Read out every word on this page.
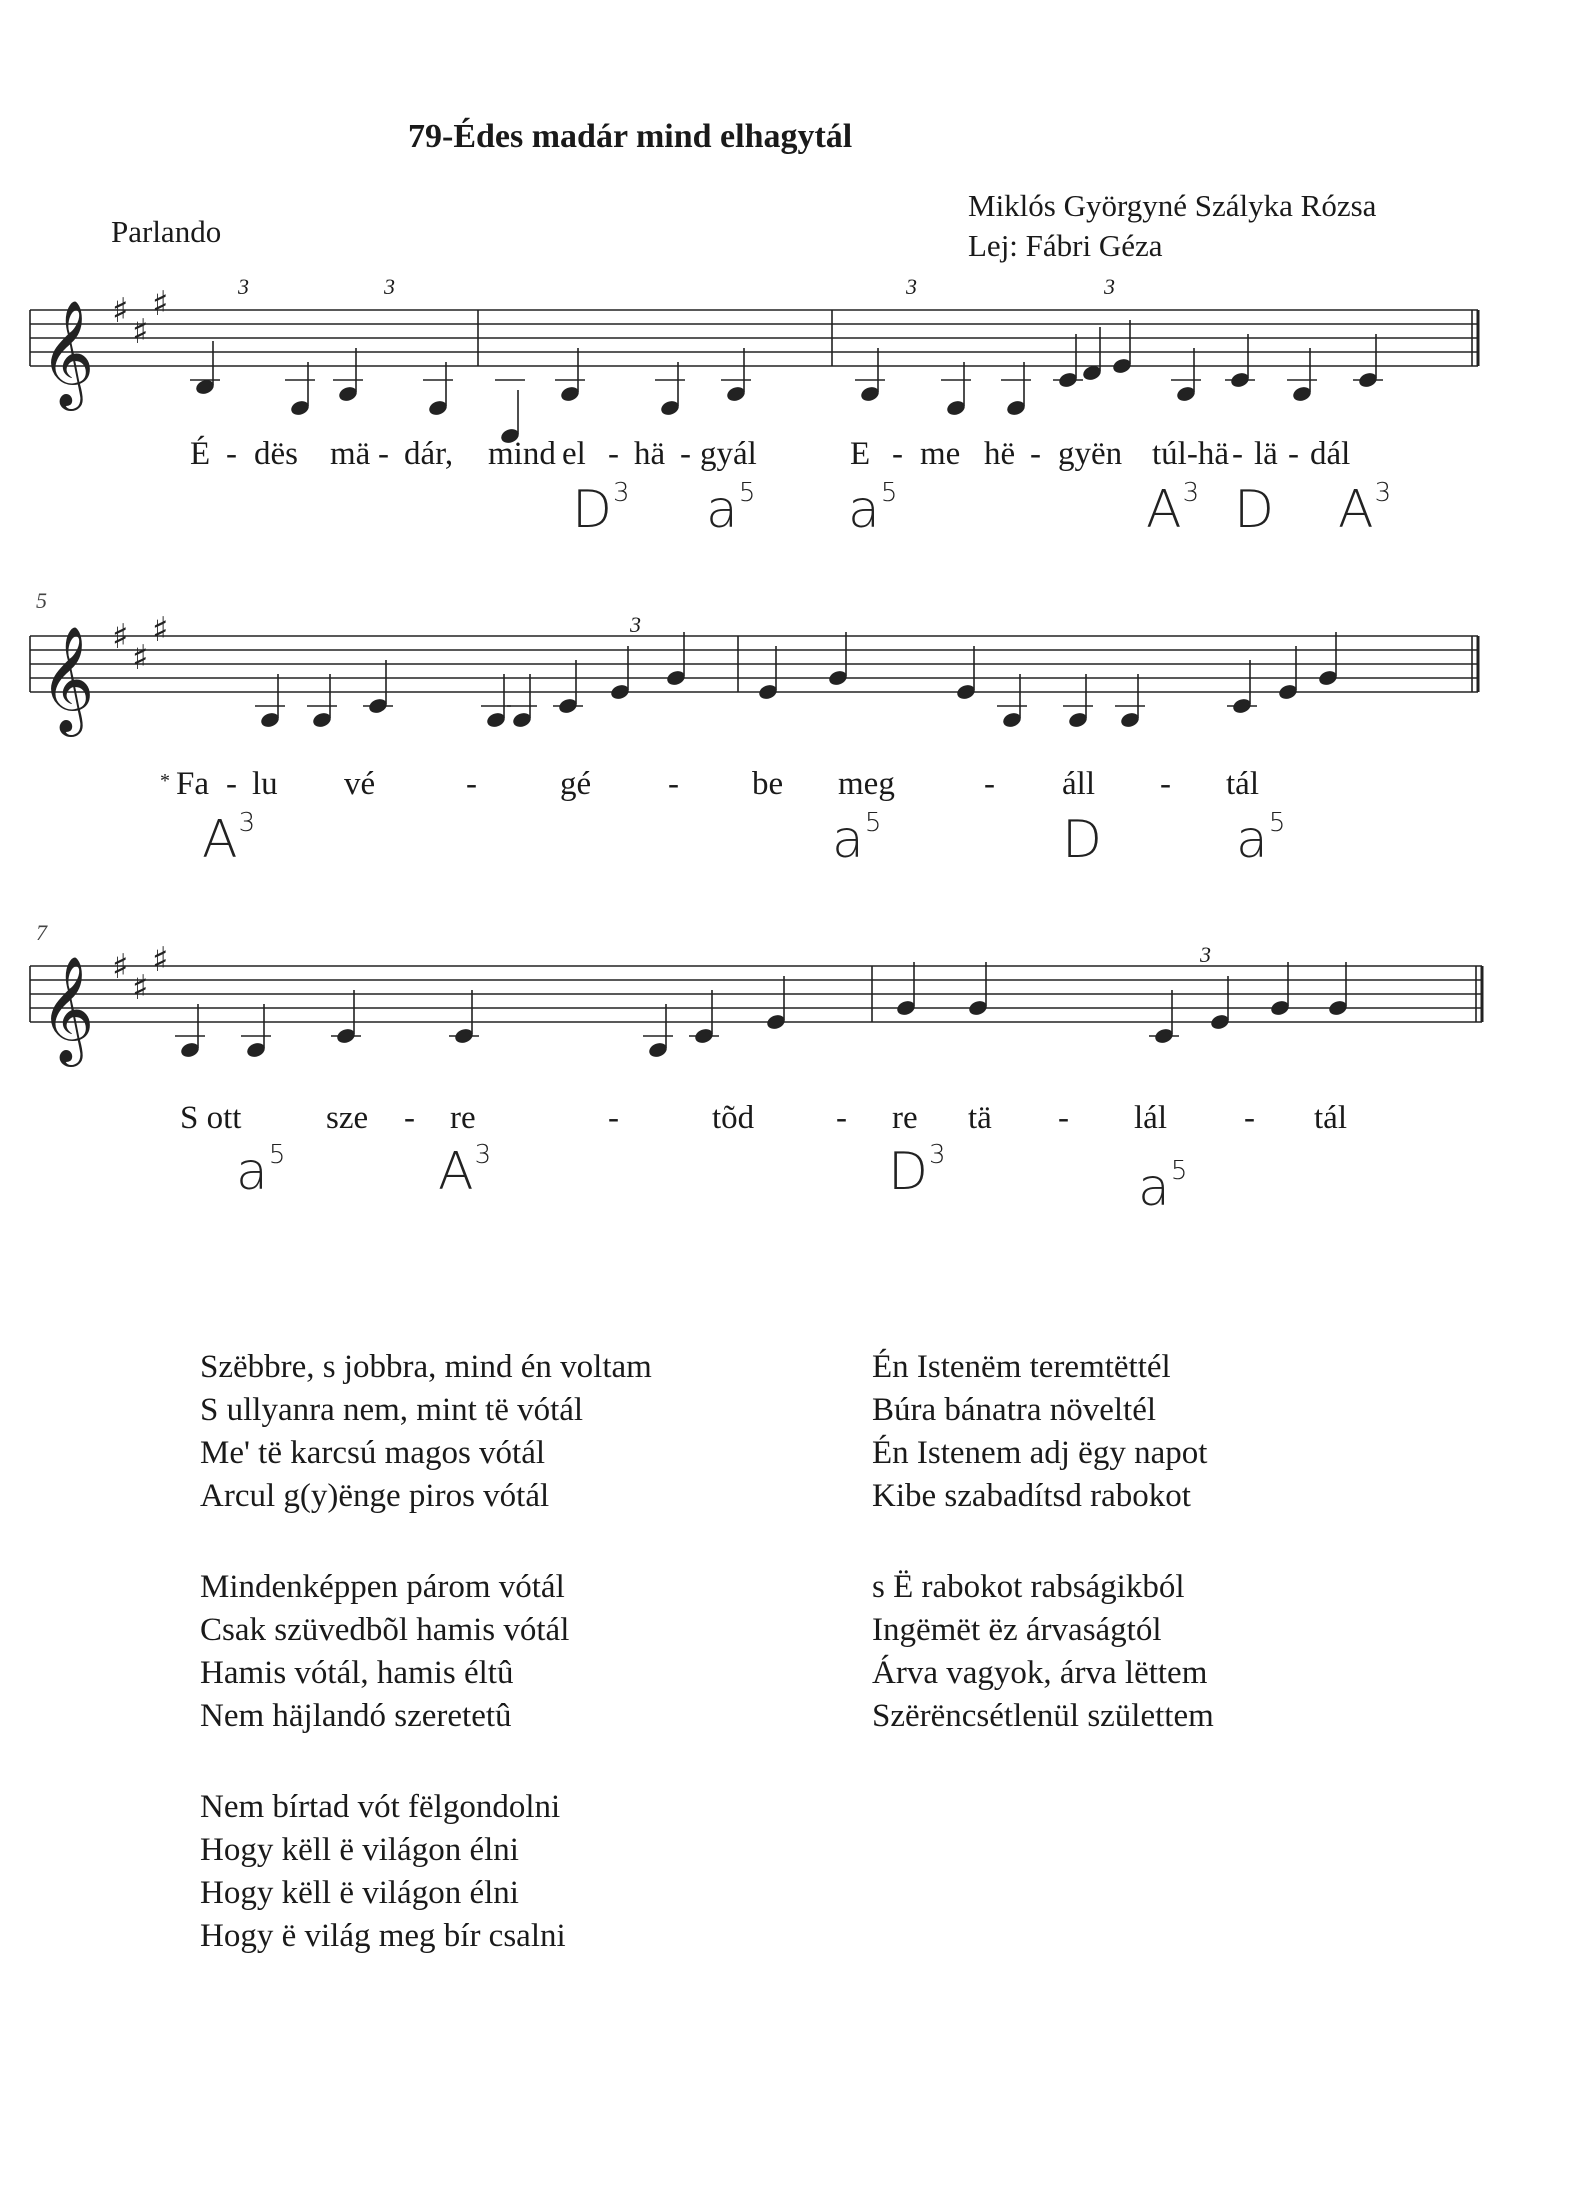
79-Édes madár mind elhagytál
Parlando
Miklós Györgyné Szályka Rózsa
Lej: Fábri Géza
𝄞 ♯
♯
♯
𝄞 ♯
♯
♯
𝄞 ♯
♯
♯
3	3	3	3
É - dës mä - dár, mind el - hä - gyál	E - me hë - gyën túl-hä - lä - dál
$D^3$ $a^5$ $a^5$	$A^3$ D $A^3$
5
3
* Fa - lu vé	-	gé - be meg	- áll - tál
$A^3$	$a^5$	D	$a^5$
7
3
S ott	sze - re	-	tõd - re tä - lál - tál
$a^5$	$A^3$	$D^3$
$a^5$
Szëbbre, s jobbra, mind én voltam
S ullyanra nem, mint të vótál
Me' të karcsú magos vótál
Arcul g(y)ënge piros vótál
Mindenképpen párom vótál
Csak szüvedbõl hamis vótál
Hamis vótál, hamis éltû
Nem häjlandó szeretetû
Nem bírtad vót fëlgondolni
Hogy këll ë világon élni
Hogy këll ë világon élni
Hogy ë világ meg bír csalni
Én Istenëm teremtëttél
Búra bánatra növeltél
Én Istenem adj ëgy napot
Kibe szabadítsd rabokot
s Ë rabokot rabságikból
Ingëmët ëz árvaságtól
Árva vagyok, árva lëttem
Szërëncsétlenül születtem
